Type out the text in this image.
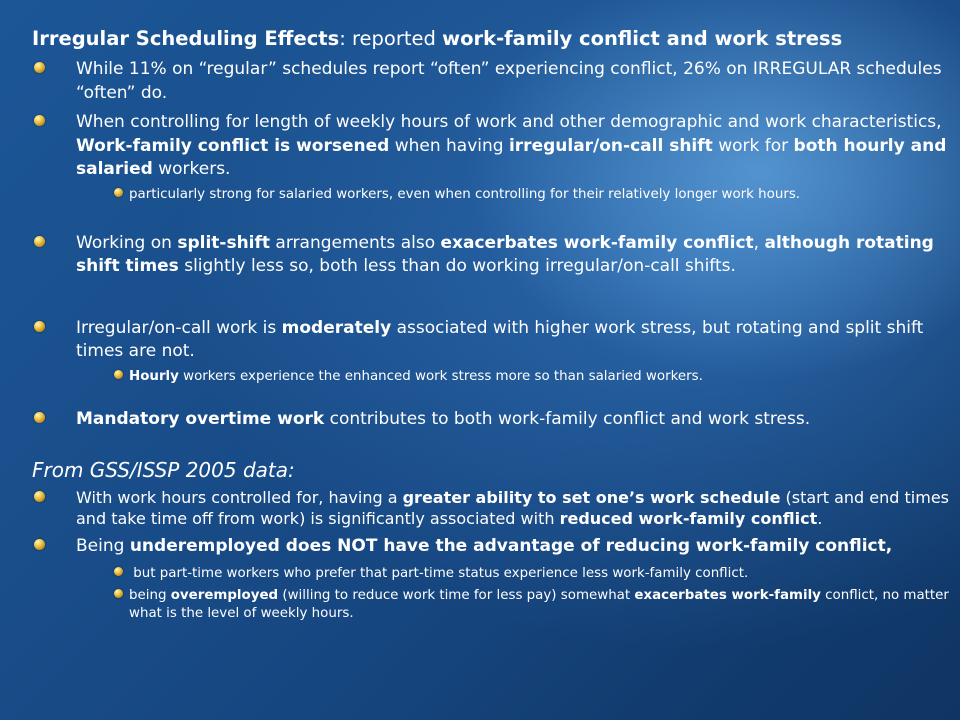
Irregular Scheduling Effects: reported work-family conflict and work stress
While 11% on “regular” schedules report “often” experiencing conflict, 26% on IRREGULAR schedules “often” do.
When controlling for length of weekly hours of work and other demographic and work characteristics, Work-family conflict is worsened when having irregular/on-call shift work for both hourly and salaried workers.
particularly strong for salaried workers, even when controlling for their relatively longer work hours.
Working on split-shift arrangements also exacerbates work-family conflict, although rotating shift times slightly less so, both less than do working irregular/on-call shifts.
Irregular/on-call work is moderately associated with higher work stress, but rotating and split shift times are not.
Hourly workers experience the enhanced work stress more so than salaried workers.
Mandatory overtime work contributes to both work-family conflict and work stress.
From GSS/ISSP 2005 data:
With work hours controlled for, having a greater ability to set one’s work schedule (start and end times and take time off from work) is significantly associated with reduced work-family conflict.
Being underemployed does NOT have the advantage of reducing work-family conflict,
but part-time workers who prefer that part-time status experience less work-family conflict.
being overemployed (willing to reduce work time for less pay) somewhat exacerbates work-family conflict, no matter what is the level of weekly hours.
